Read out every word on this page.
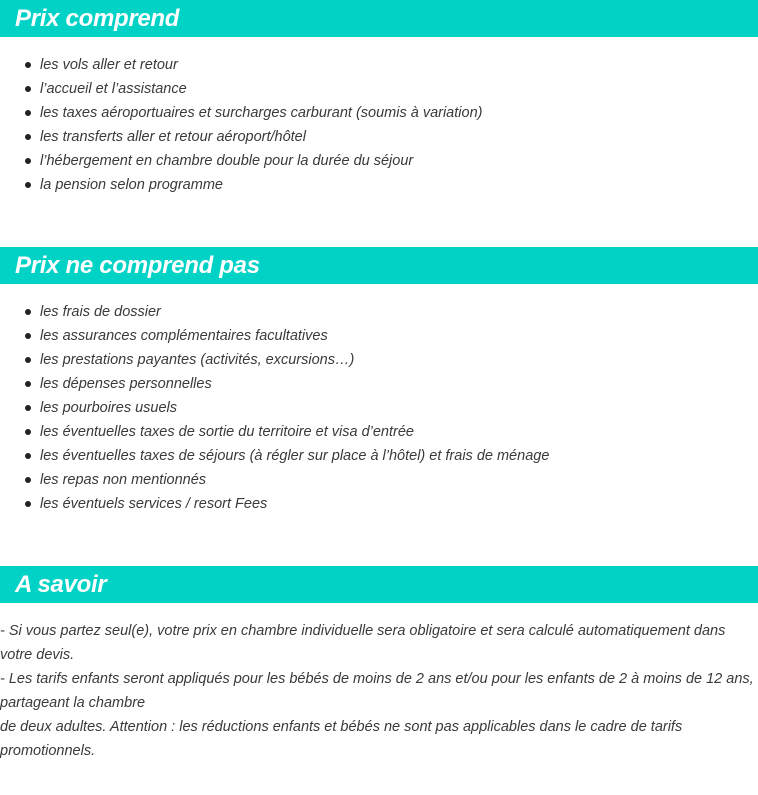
Prix comprend
les vols aller et retour
l’accueil et l’assistance
les taxes aéroportuaires et surcharges carburant (soumis à variation)
les transferts aller et retour aéroport/hôtel
l’hébergement en chambre double pour la durée du séjour
la pension selon programme
Prix ne comprend pas
les frais de dossier
les assurances complémentaires facultatives
les prestations payantes (activités, excursions…)
les dépenses personnelles
les pourboires usuels
les éventuelles taxes de sortie du territoire et visa d’entrée
les éventuelles taxes de séjours (à régler sur place à l’hôtel) et frais de ménage
les repas non mentionnés
les éventuels services / resort Fees
A savoir

- Si vous partez seul(e), votre prix en chambre individuelle sera obligatoire et sera calculé automatiquement dans votre devis.

- Les tarifs enfants seront appliqués pour les bébés de moins de 2 ans et/ou pour les enfants de 2 à moins de 12 ans, partageant la chambre

de deux adultes. Attention : les réductions enfants et bébés ne sont pas applicables dans le cadre de tarifs promotionnels.
